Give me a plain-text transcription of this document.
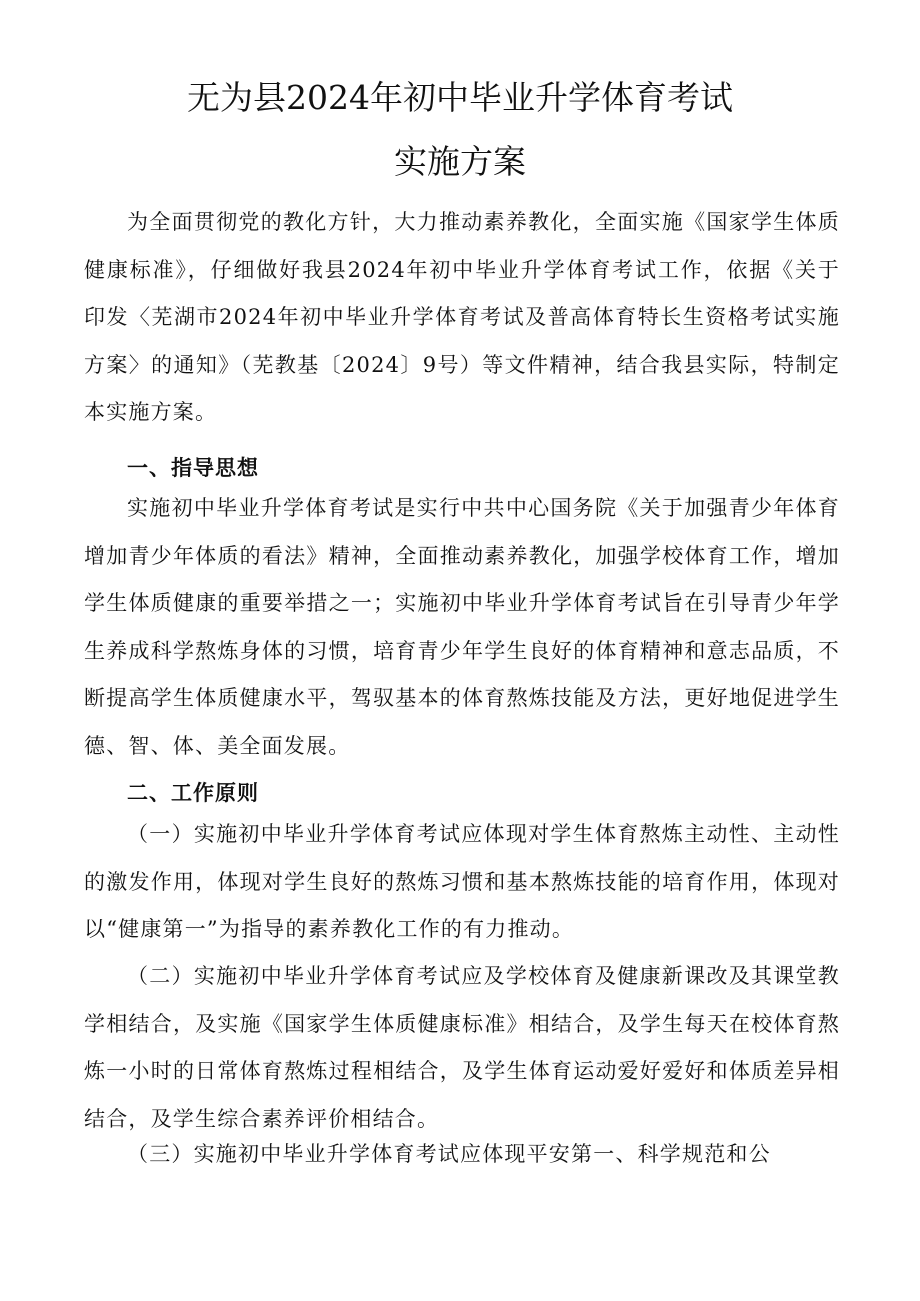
无为县2024年初中毕业升学体育考试
实施方案
为全面贯彻党的教化方针，大力推动素养教化，全面实施《国家学生体质健康标准》，仔细做好我县2024年初中毕业升学体育考试工作，依据《关于印发〈芜湖市2024年初中毕业升学体育考试及普高体育特长生资格考试实施方案〉的通知》（芜教基〔2024〕9号）等文件精神，结合我县实际，特制定本实施方案。
一、指导思想
实施初中毕业升学体育考试是实行中共中心国务院《关于加强青少年体育增加青少年体质的看法》精神，全面推动素养教化，加强学校体育工作，增加学生体质健康的重要举措之一；实施初中毕业升学体育考试旨在引导青少年学生养成科学熬炼身体的习惯，培育青少年学生良好的体育精神和意志品质，不断提高学生体质健康水平，驾驭基本的体育熬炼技能及方法，更好地促进学生德、智、体、美全面发展。
二、工作原则
（一）实施初中毕业升学体育考试应体现对学生体育熬炼主动性、主动性的激发作用，体现对学生良好的熬炼习惯和基本熬炼技能的培育作用，体现对以“健康第一”为指导的素养教化工作的有力推动。
（二）实施初中毕业升学体育考试应及学校体育及健康新课改及其课堂教学相结合，及实施《国家学生体质健康标准》相结合，及学生每天在校体育熬炼一小时的日常体育熬炼过程相结合，及学生体育运动爱好爱好和体质差异相结合，及学生综合素养评价相结合。
（三）实施初中毕业升学体育考试应体现平安第一、科学规范和公
